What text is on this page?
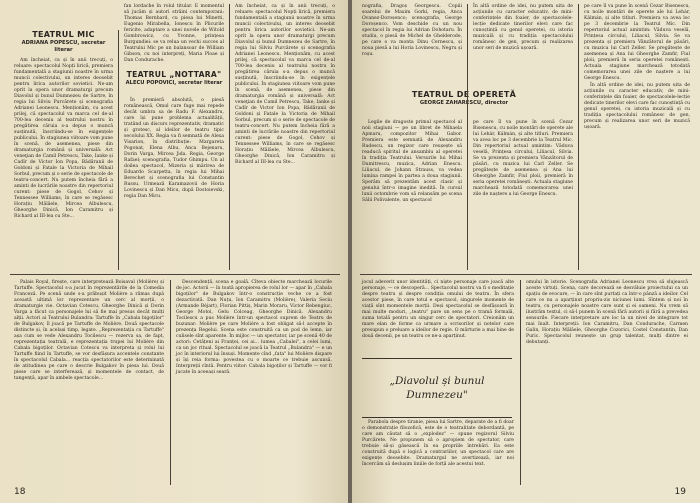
TEATRUL MIC
ADRIANA POPESCU, secretar literar

Am încheiat, ca și în anii trecuți, o reluare: spectacolul Nopți lirică, premiera fundamentală a stagiunii noastre în urma muncii colectivului, un interes deosebit pentru lirica autorilor sovietici. Ne-am oprit la opera unor dramaturgi precum Diavolul și bunul Dumnezeu de Sartre, în regia lui Silviu Purcărete și scenografia Adrianei Leonescu. Menționăm, cu acest prilej, că spectacolul va marca cel de-al 700-lea deceniu al teatrului nostru în pregătirea căruia s-a depus o muncă susținută, înscriindu-se în exigențele publicului. În stagiunea viitoare vom pune în scenă, de asemenea, piese din dramaturgia română și universală: Act veneţian de Camil Petrescu, Take, Ianke și Cadîr de Victor Ion Popa, Bădăranii de Goldoni și Fatale la Victoria de Mihail Sorbul, precum și o serie de spectacole de teatru-concert. Nu putem încheia fără a aminti de lucrările noastre din repertoriul curent: piese de Gogol, Cehov și Tennessee Williams, în care se regăsesc Horațiu Mălăele, Mircea Albulescu, Gheorghe Dinică, Ion Caramitru și Richard al III-lea cu Ste...

fan lordache în rolul titular. E momentul să jucăm și autori străini contemporani: Thomas Bernhard, cu piesa lui Minetti, Eugenio Mirabella, Ionescu în Plicurile fericite, adaptare a unei nuvele de Witold Gombrowicz, cu Yvonne, prințesa Burgundiei: se va relua un vechi succes al Teatrului Mic pe un balansoar de William Gibson, cu noi interpreți, Maria Ploae și Dan Condurache.

TEATRUL „NOTTARA"
ALECU POPOVICI, secretar literar

În premieră absolută, o piesă românească, Omul care fuge mai repede decât umbra sa de Radu F. Alexandru, care își pune problema actualității, tratând un discurs reprezentativ, dramatic și grotesc, al ideilor de teatru tipic secolului XX. Regia va fi semnată de Alexa Visarion, în distribuție: Margareta Pogonat, Elena Albu, Anca Bejenaru, Dorin Varga, Mircea Jida. Regia, George Rafael; scenografia, Tudor Ghimpu. Un al doilea spectacol, Mizeria și mărirea de Eduardo Scarpetta, în regia lui Mihai Berechet și scenografia lui Constantin Russu. Urmează Karamazovii de Horia Lovinescu și Dan Micu, după Dostoievski, regia Dan Micu.

Am încheiat, ca și în anii trecuți, o reluare: spectacolul Nopți lirică, premiera fundamentală a stagiunii noastre în urma muncii colectivului, un interes deosebit pentru lirica autorilor sovietici. Ne-am oprit la opera unor dramaturgi precum Diavolul și bunul Dumnezeu de Sartre, în regia lui Silviu Purcărete și scenografia Adrianei Leonescu. Menționăm, cu acest prilej, că spectacolul va marca cel de-al 700-lea deceniu al teatrului nostru în pregătirea căruia s-a depus o muncă susținută, înscriindu-se în exigențele publicului. În stagiunea viitoare vom pune în scenă, de asemenea, piese din dramaturgia română și universală: Act veneţian de Camil Petrescu, Take, Ianke și Cadîr de Victor Ion Popa, Bădăranii de Goldoni și Fatale la Victoria de Mihail Sorbul, precum și o serie de spectacole de teatru-concert. Nu putem încheia fără a aminti de lucrările noastre din repertoriul curent: piese de Gogol, Cehov și Tennessee Williams, în care se regăsesc Horațiu Mălăele, Mircea Albulescu, Gheorghe Dinică, Ion Caramitru și Richard al III-lea cu Ste...

Palais Royal, firește, care interpretează Boisaval (Molière) și Tartuffe. Spectacolul s-a jucat în reprezentările de la Comedia Franceză. Pe scenă unde s-a prăbușit Molière a rămas după această ultimă lor reprezentare un cerc al morții, o dramaturgie vie. Octavian Cotescu, Gheorghe Dinică și Dorin Varga a făcut ca personajele lui să fie mai presus decât mulți alții. Actori ai Teatrului Bulandra: Tartuffe în „Cabala bigoților" de Bulgakov, îl joacă pe Tartuffe de Molière. Două spectacole distincte și, în același timp, legate. „Reprezentația cu Tartuffe" așa cum se vede Alexandru Tocilescu — rezerva sa, de fapt, reprezentația teatrală, e reprezentația trupei lui Molière din Cabala bigoților. Octavian Cotescu va interpreta și rolul lui Tartuffe fiind în Tartuffe, se vor desfășura accentele constante în spectacolul Cabala... reacția spectatorilor este determinată de atitudinea pe care o descrie Bulgakov în piesa lui. Două piese care se interferează, și momentele de contact, de tangență, apar în ambele spectacole...

Descendență, scena e goală. Cîteva obiecte marchează locurile de joc. Actorii — în toată apropierea de rolul lor — apar în „Cabala bigoților" de Bulgakov într-o construcție veche ce a fost dezactivată. Dan Nuțu, Ion Caramitru (Molière), Valeria Seciu (Armande Béjart), Florian Pittiș, Marin Moraru, Victor Rebengiuc, George Motoi, Gelu Colceag, Gheorghe Dinică. Alexandru Tocilescu a pus Molière într-un spectacol suprem de Teatru de buzunar: Molière pe care Molière a fost obligat să-l accepte în prezența Regelui. Scena este construită ca un pod de lemn, iar culisele sînt aparente. În mijloc — un spectator, iar pe scenă 40 de actori: Cetățeni ai Franței, cei ai... lumea „Cabalei", a celei lumi, ca un joc ritual. Spectacolul se joacă la Teatrul „Bulandra" — e un joc în interiorul lui însuși. Momente cînd „fata" lui Molière dispare și își reia forma: povestea cu o moarte ce trebuie ascunsă. Interpreții cîntă. Pentru viitor: Cabala bigoților și Tartuffe — vor fi jucate în aceeași seară.

18

nografia, Dragoș Georgescu. Copiii soarelui de Maxim Gorki, regia, Anca Ovanez-Doroșenco; scenografia, George Doroșenco. Vom deschide cu un nou spectacol în regia lui Adrian Dohotaru. În studiu, o piesă de Michel de Ghelderode, pe care o va monta Dinu Cernescu, și noua piesă a lui Horia Lovinescu, Negru și roșu.

TEATRUL DE OPERETĂ
GEORGE ZAHARESCU, director

Legile de dragoste primul spectacol al noii stagiuni — pe un libret de Mihaela Apmaru, compozitor Mihai Gabor. Premiera este semnată de Alexandru Rudescu, un regizor care reușește să readucă spiritul de ansamblu al operetei în tradiția Teatrului. Versurile lui Mihai Dumitrescu, muzica, Adrian Enescu. Liliacul, de Johann Strauss, va vedea lumina rampei în partea a doua stagiunii. Sperăm să prezentăm acest clasic și genului într-o imagine inedită. În cursul lunii octombrie vom să relansăm pe scena Sălii Polivalente, un spectacol

În altă ordine de idei, nu putem uita de acțiunile cu caracter educativ, de mini-conferințele din foaier, de spectacolele-lecție dedicate tinerilor elevi care fac cunoștință cu genul operetei, cu istoria muzicală și cu tradiția spectacolului românesc de gen, precum și realizarea unor seri de muzică ușoară.

pe care îl va pune în scenă Cezar Bisenescu, cu noile montări de operete ale lui Lehár, Kálmán, și alte titluri. Premiera va avea loc pe 3 decembrie la Teatrul Mic. Din repertoriul actual amintim: Văduva veselă, Prințesa circului, Liliacul, Silvia. Se va prezenta și premiera Vânzătorul de păsări, cu muzica lui Carl Zeller. Se pregătește de asemenea și Ana lui Gheorghe Zamfir, Fiul ploii, premieră în seria operetei românești. Actuala stagiune marchează totodată comemorarea unei zile de naștere a lui George Enescu.

pe care îl va pune în scenă Cezar Bisenescu, cu noile montări de operete ale lui Lehár, Kálmán, și alte titluri. Premiera va avea loc pe 3 decembrie la Teatrul Mic. Din repertoriul actual amintim: Văduva veselă, Prințesa circului, Liliacul, Silvia. Se va prezenta și premiera Vânzătorul de păsări, cu muzica lui Carl Zeller. Se pregătește de asemenea și Ana lui Gheorghe Zamfir, Fiul ploii, premieră în seria operetei românești. Actuala stagiune marchează totodată comemorarea unei zile de naștere a lui George Enescu.

În altă ordine de idei, nu putem uita de acțiunile cu caracter educativ, de mini-conferințele din foaier, de spectacolele-lecție dedicate tinerilor elevi care fac cunoștință cu genul operetei, cu istoria muzicală și cu tradiția spectacolului românesc de gen, precum și realizarea unor seri de muzică ușoară.

jocul adeverit unor identități, ci niște personaje care joacă alte personaje, — ce descoperă... Spectacolul nostru va fi o meditație despre teatru și despre condiția omului de teatru. În sfera acestor piese, în care totul e spectacol, singurele momente de viață sînt momentele morții. Deși spectacolul se desfășoară în mai multe moduri, „teatru" pare un sens pe o tramă formală, suma totală pentru un singur cerc de spectatori. Creionăm un mare elan de forme ca urmare a scrisorilor și notelor care presupun o preluare a ideilor de regie. O mărturie a mai bine de două decenii, pe un teatru ce ne-a aparținut.

Parabola despre tiranie, piesa lui Sartre, deparate de a fi doar o demonstrație filozofică, este de o teatralitate debordantă, pe care am căutat să o „explodez" — spune regizorul Silviu Purcărete. Ne propunem să o apropiem de spectator, care trebuie să-și găsească în ea propriile întrebări. Ea este construită după o logică a contrariilor, un spectacol care are exigențe deosebite. Dramaturgul ne avertizează, iar noi încercăm să deslușim liniile de forță ale acestui text.

omului în istorie. Scenografia Adrianei Leonescu vrea să slujească aceste virtuți. Scena, care decorează se desvăluie proiectului ca un spațiu de evocare, — în care sînt purtați ca într-o pânză a ideilor. Cel care ce nu a aparținut propriu-zis niciunei lumi. Sîntem și noi în teatru, cu personajele noastre care sunt și ei oameni. Nu vrem să ilustrăm textul, ci să-l punem în scenă fără autorii și fără a prevedea sensurile. Fiecare interpretare are loc la un nivel de integrare tot mai înalt. Interpreții: Ion Caramitru, Dan Condurache, Carmen Galin, Horațiu Mălăele, Gheorghe Cozorici, Costel Constantin, Dan Puric. Spectacolul reunește un grup talentat, mulți dintre ei debutanți.

19
„Diavolul și bunul Dumnezeu"
